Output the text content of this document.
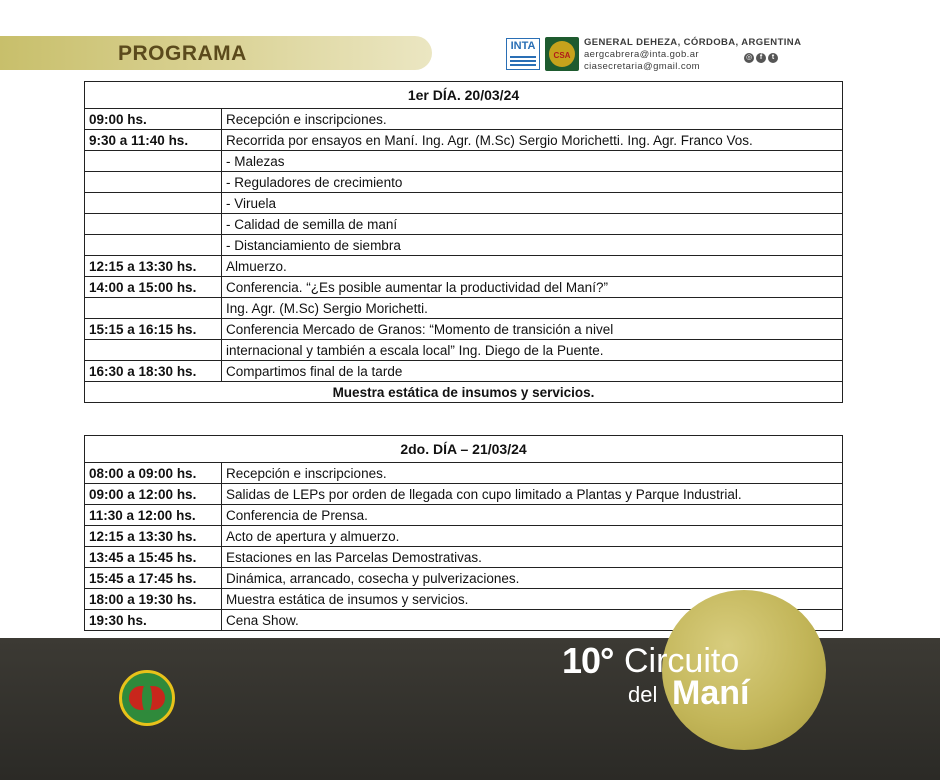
PROGRAMA	INTA
CSA
GENERAL DEHEZA, CÓRDOBA, ARGENTINA
aergcabrera@inta.gob.ar
ciasecretaria@gmail.com
◎	f	t
1er DÍA. 20/03/24	
09:00 hs.	Recepción e inscripciones.
9:30 a 11:40 hs.	Recorrida por ensayos en Maní. Ing. Agr. (M.Sc) Sergio Morichetti. Ing. Agr. Franco Vos.
	- Malezas
	- Reguladores de crecimiento
	- Viruela
	- Calidad de semilla de maní
	- Distanciamiento de siembra
12:15 a 13:30 hs.	Almuerzo.
14:00 a 15:00 hs.	Conferencia. “¿Es posible aumentar la productividad del Maní?”
	Ing. Agr. (M.Sc) Sergio Morichetti.
15:15 a 16:15 hs.	Conferencia Mercado de Granos: “Momento de transición a nivel
	internacional y también a escala local” Ing. Diego de la Puente.
16:30 a 18:30 hs.	Compartimos final de la tarde
Muestra estática de insumos y servicios.	
2do. DÍA – 21/03/24	
08:00 a 09:00 hs.	Recepción e inscripciones.
09:00 a 12:00 hs.	Salidas de LEPs por orden de llegada con cupo limitado a Plantas y Parque Industrial.
11:30 a 12:00 hs.	Conferencia de Prensa.
12:15 a 13:30 hs.	Acto de apertura y almuerzo.
13:45 a 15:45 hs.	Estaciones en las Parcelas Demostrativas.
15:45 a 17:45 hs.	Dinámica, arrancado, cosecha y pulverizaciones.
18:00 a 19:30 hs.	Muestra estática de insumos y servicios.
19:30 hs.	Cena Show.
10° Circuito
del Maní
